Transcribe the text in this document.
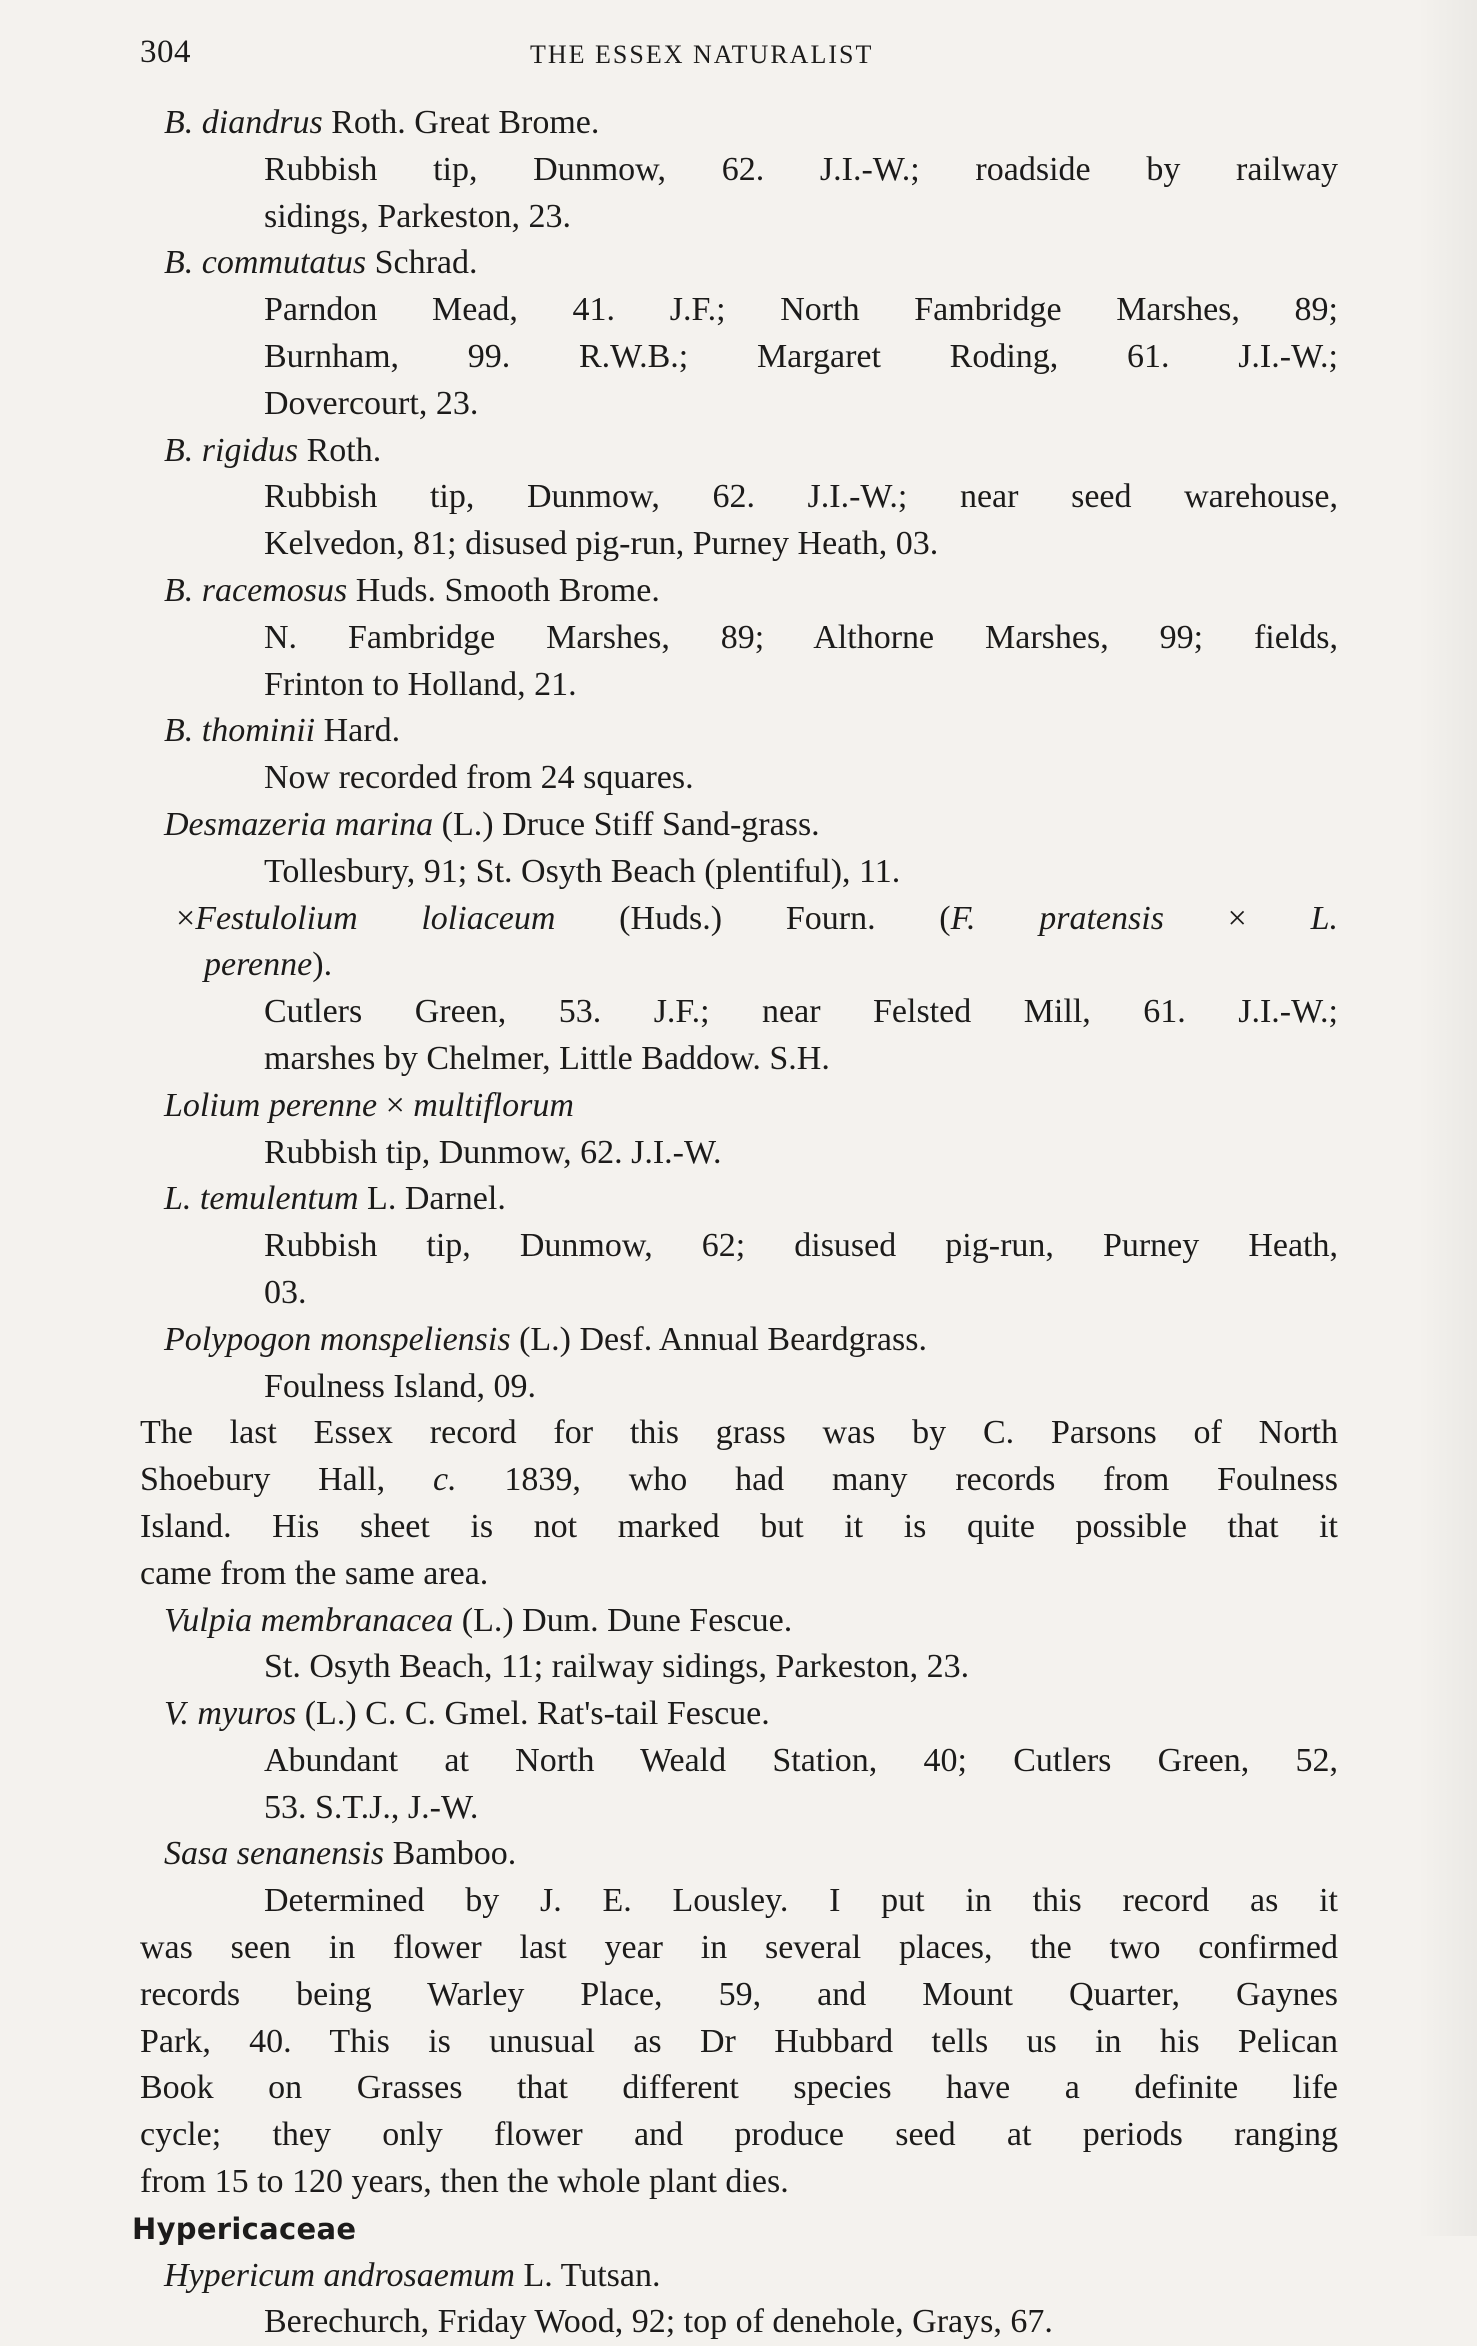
304	THE ESSEX NATURALIST
B. diandrus Roth. Great Brome.
Rubbish tip, Dunmow, 62. J.I.-W.; roadside by railway
sidings, Parkeston, 23.
B. commutatus Schrad.
Parndon Mead, 41. J.F.; North Fambridge Marshes, 89;
Burnham, 99. R.W.B.; Margaret Roding, 61. J.I.-W.;
Dovercourt, 23.
B. rigidus Roth.
Rubbish tip, Dunmow, 62. J.I.-W.; near seed warehouse,
Kelvedon, 81; disused pig-run, Purney Heath, 03.
B. racemosus Huds. Smooth Brome.
N. Fambridge Marshes, 89; Althorne Marshes, 99; fields,
Frinton to Holland, 21.
B. thominii Hard.
Now recorded from 24 squares.
Desmazeria marina (L.) Druce Stiff Sand-grass.
Tollesbury, 91; St. Osyth Beach (plentiful), 11.
×Festulolium loliaceum (Huds.) Fourn. (F. pratensis × L.
perenne).
Cutlers Green, 53. J.F.; near Felsted Mill, 61. J.I.-W.;
marshes by Chelmer, Little Baddow. S.H.
Lolium perenne × multiflorum
Rubbish tip, Dunmow, 62. J.I.-W.
L. temulentum L. Darnel.
Rubbish tip, Dunmow, 62; disused pig-run, Purney Heath,
03.
Polypogon monspeliensis (L.) Desf. Annual Beardgrass.
Foulness Island, 09.
The last Essex record for this grass was by C. Parsons of North
Shoebury Hall, c. 1839, who had many records from Foulness
Island. His sheet is not marked but it is quite possible that it
came from the same area.
Vulpia membranacea (L.) Dum. Dune Fescue.
St. Osyth Beach, 11; railway sidings, Parkeston, 23.
V. myuros (L.) C. C. Gmel. Rat's-tail Fescue.
Abundant at North Weald Station, 40; Cutlers Green, 52,
53. S.T.J., J.-W.
Sasa senanensis Bamboo.
Determined by J. E. Lousley. I put in this record as it
was seen in flower last year in several places, the two confirmed
records being Warley Place, 59, and Mount Quarter, Gaynes
Park, 40. This is unusual as Dr Hubbard tells us in his Pelican
Book on Grasses that different species have a definite life
cycle; they only flower and produce seed at periods ranging
from 15 to 120 years, then the whole plant dies.
Hypericaceae
Hypericum androsaemum L. Tutsan.
Berechurch, Friday Wood, 92; top of denehole, Grays, 67.
